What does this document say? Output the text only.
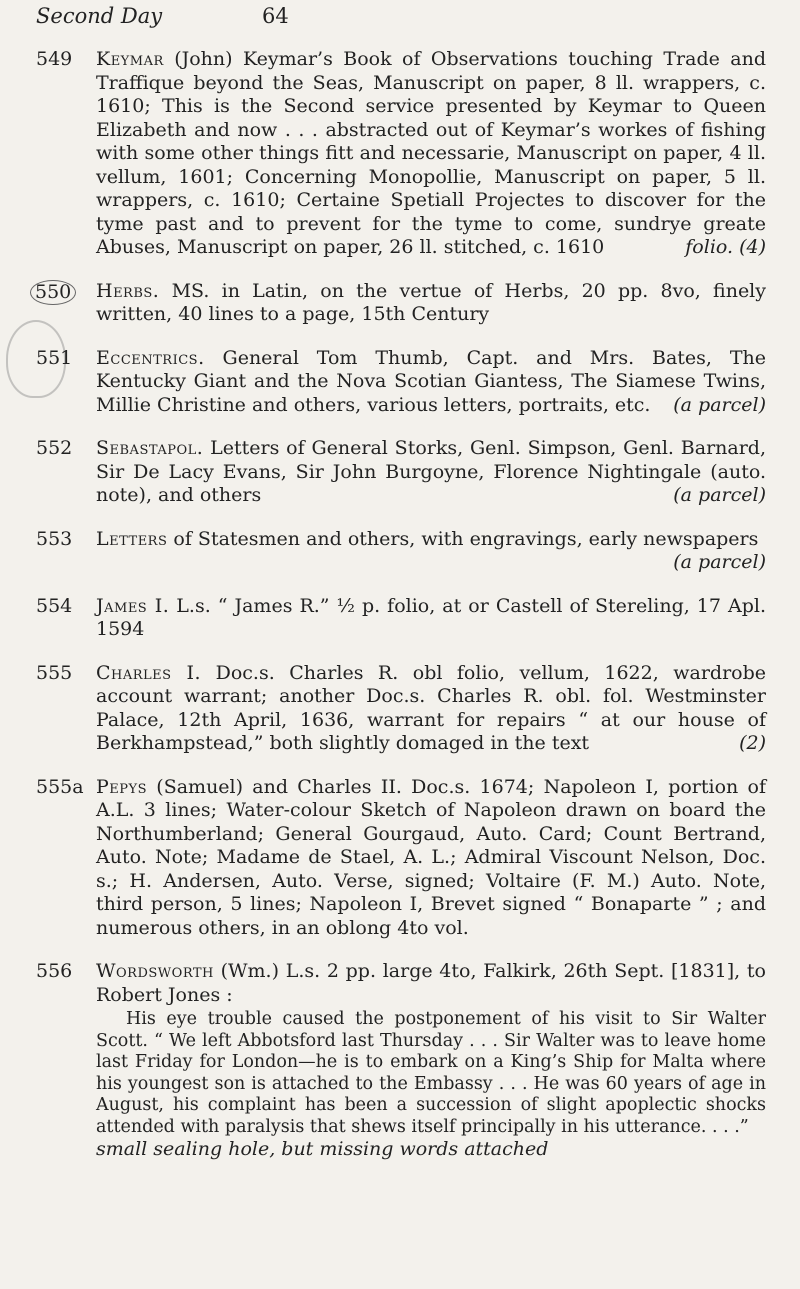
Second Day	64
549	Keymar (John) Keymar’s Book of Observations touching Trade and Traffique beyond the Seas, Manuscript on paper, 8 ll. wrappers, c. 1610; This is the Second service presented by Keymar to Queen Elizabeth and now . . . abstracted out of Keymar’s workes of fishing with some other things fitt and necessarie, Manuscript on paper, 4 ll. vellum, 1601; Concerning Monopollie, Manuscript on paper, 5 ll. wrappers, c. 1610; Certaine Spetiall Projectes to discover for the tyme past and to prevent for the tyme to come, sundrye greate Abuses, Manuscript on paper, 26 ll. stitched, c. 1610	folio. (4)
550	Herbs. MS. in Latin, on the vertue of Herbs, 20 pp. 8vo, finely written, 40 lines to a page, 15th Century
551	Eccentrics. General Tom Thumb, Capt. and Mrs. Bates, The Kentucky Giant and the Nova Scotian Giantess, The Siamese Twins, Millie Christine and others, various letters, portraits, etc. (a parcel)
552	Sebastapol. Letters of General Storks, Genl. Simpson, Genl. Barnard, Sir De Lacy Evans, Sir John Burgoyne, Florence Nightingale (auto. note), and others	(a parcel)
553	Letters of Statesmen and others, with engravings, early newspapers
(a parcel)
554	James I. L.s. “ James R.” ½ p. folio, at or Castell of Stereling, 17 Apl. 1594
555	Charles I. Doc.s. Charles R. obl folio, vellum, 1622, wardrobe account warrant; another Doc.s. Charles R. obl. fol. Westminster Palace, 12th April, 1636, warrant for repairs “ at our house of Berkhampstead,” both slightly domaged in the text	(2)
555a Pepys (Samuel) and Charles II. Doc.s. 1674; Napoleon I, portion of A.L. 3 lines; Water-colour Sketch of Napoleon drawn on board the Northumberland; General Gourgaud, Auto. Card; Count Bertrand, Auto. Note; Madame de Stael, A. L.; Admiral Viscount Nelson, Doc. s.; H. Andersen, Auto. Verse, signed; Voltaire (F. M.) Auto. Note, third person, 5 lines; Napoleon I, Brevet signed “ Bonaparte ” ; and numerous others, in an oblong 4to vol.
556	Wordsworth (Wm.) L.s. 2 pp. large 4to, Falkirk, 26th Sept. [1831], to Robert Jones :
His eye trouble caused the postponement of his visit to Sir Walter Scott. “ We left Abbotsford last Thursday . . . Sir Walter was to leave home last Friday for London—he is to embark on a King’s Ship for Malta where his youngest son is attached to the Embassy . . . He was 60 years of age in August, his complaint has been a succession of slight apoplectic shocks attended with paralysis that shews itself principally in his utterance. . . .”
small sealing hole, but missing words attached
